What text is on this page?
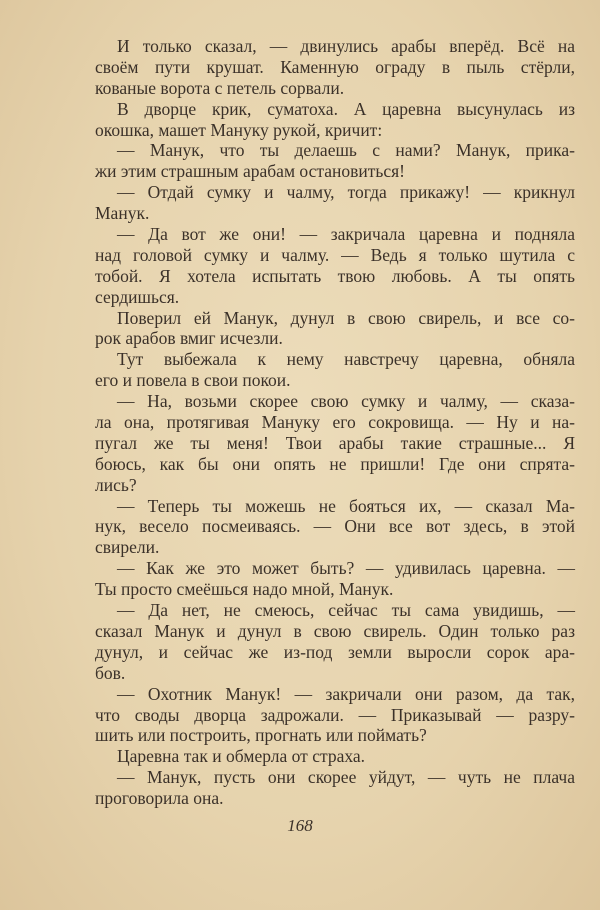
И только сказал, — двинулись арабы вперёд. Всё на
своём пути крушат. Каменную ограду в пыль стёрли,
кованые ворота с петель сорвали.
В дворце крик, суматоха. А царевна высунулась из
окошка, машет Мануку рукой, кричит:
— Манук, что ты делаешь с нами? Манук, прика-
жи этим страшным арабам остановиться!
— Отдай сумку и чалму, тогда прикажу! — крикнул
Манук.
— Да вот же они! — закричала царевна и подняла
над головой сумку и чалму. — Ведь я только шутила с
тобой. Я хотела испытать твою любовь. А ты опять
сердишься.
Поверил ей Манук, дунул в свою свирель, и все со-
рок арабов вмиг исчезли.
Тут выбежала к нему навстречу царевна, обняла
его и повела в свои покои.
— На, возьми скорее свою сумку и чалму, — сказа-
ла она, протягивая Мануку его сокровища. — Ну и на-
пугал же ты меня! Твои арабы такие страшные... Я
боюсь, как бы они опять не пришли! Где они спрята-
лись?
— Теперь ты можешь не бояться их, — сказал Ма-
нук, весело посмеиваясь. — Они все вот здесь, в этой
свирели.
— Как же это может быть? — удивилась царевна. —
Ты просто смеёшься надо мной, Манук.
— Да нет, не смеюсь, сейчас ты сама увидишь, —
сказал Манук и дунул в свою свирель. Один только раз
дунул, и сейчас же из-под земли выросли сорок ара-
бов.
— Охотник Манук! — закричали они разом, да так,
что своды дворца задрожали. — Приказывай — разру-
шить или построить, прогнать или поймать?
Царевна так и обмерла от страха.
— Манук, пусть они скорее уйдут, — чуть не плача
проговорила она.
168
